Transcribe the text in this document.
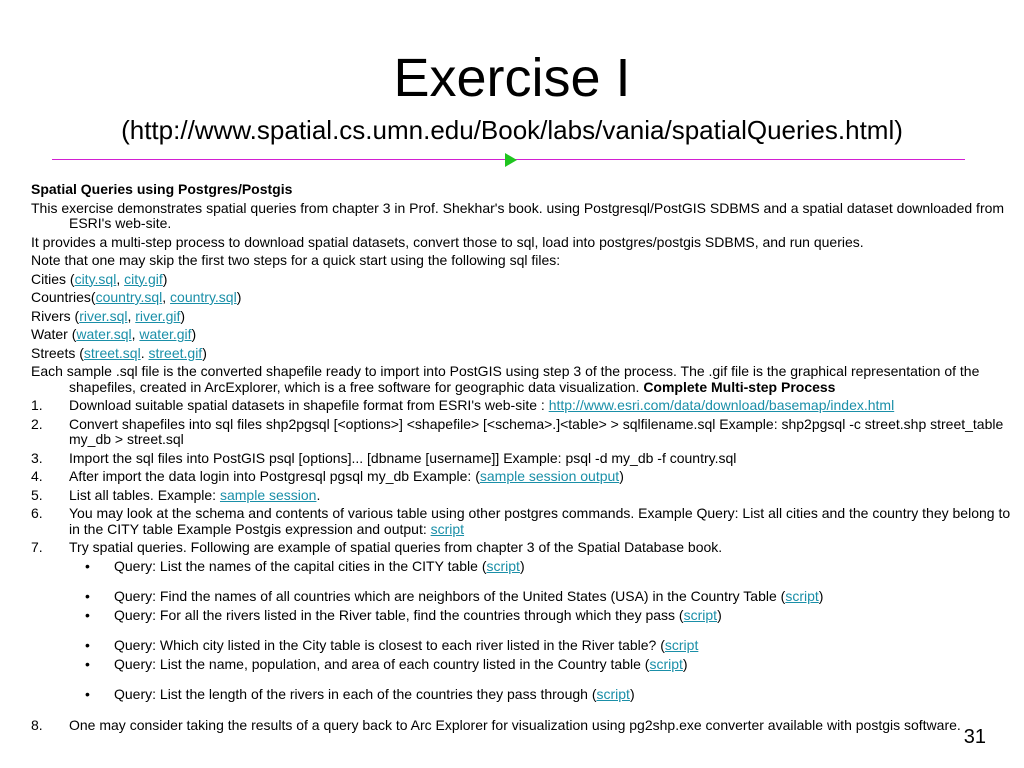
Exercise I
(http://www.spatial.cs.umn.edu/Book/labs/vania/spatialQueries.html)

Spatial Queries using Postgres/Postgis

This exercise demonstrates spatial queries from chapter 3 in Prof. Shekhar's book. using Postgresql/PostGIS SDBMS and a spatial dataset downloaded from ESRI's web-site.

It provides a multi-step process to download spatial datasets, convert those to sql, load into postgres/postgis SDBMS, and run queries.

Note that one may skip the first two steps for a quick start using the following sql files:

Cities (city.sql, city.gif)

Countries(country.sql, country.sql)

Rivers (river.sql, river.gif)

Water (water.sql, water.gif)

Streets (street.sql. street.gif)

Each sample .sql file is the converted shapefile ready to import into PostGIS using step 3 of the process. The .gif file is the graphical representation of the shapefiles, created in ArcExplorer, which is a free software for geographic data visualization. Complete Multi-step Process

1.	Download suitable spatial datasets in shapefile format from ESRI's web-site : http://www.esri.com/data/download/basemap/index.html
2.	Convert shapefiles into sql files shp2pgsql [<options>] <shapefile> [<schema>.]<table> > sqlfilename.sql Example: shp2pgsql -c street.shp street_table my_db > street.sql
3.	Import the sql files into PostGIS psql [options]... [dbname [username]] Example: psql -d my_db -f country.sql
4.	After import the data login into Postgresql pgsql my_db Example: (sample session output)
5.	List all tables. Example: sample session.
6.	You may look at the schema and contents of various table using other postgres commands. Example Query: List all cities and the country they belong to in the CITY table Example Postgis expression and output: script
7.	Try spatial queries. Following are example of spatial queries from chapter 3 of the Spatial Database book.
•	Query: List the names of the capital cities in the CITY table (script)
•	Query: Find the names of all countries which are neighbors of the United States (USA) in the Country Table (script)
•	Query: For all the rivers listed in the River table, find the countries through which they pass (script)
•	Query: Which city listed in the City table is closest to each river listed in the River table? (script
•	Query: List the name, population, and area of each country listed in the Country table (script)
•	Query: List the length of the rivers in each of the countries they pass through (script)
8.	One may consider taking the results of a query back to Arc Explorer for visualization using pg2shp.exe converter available with postgis software.
31
